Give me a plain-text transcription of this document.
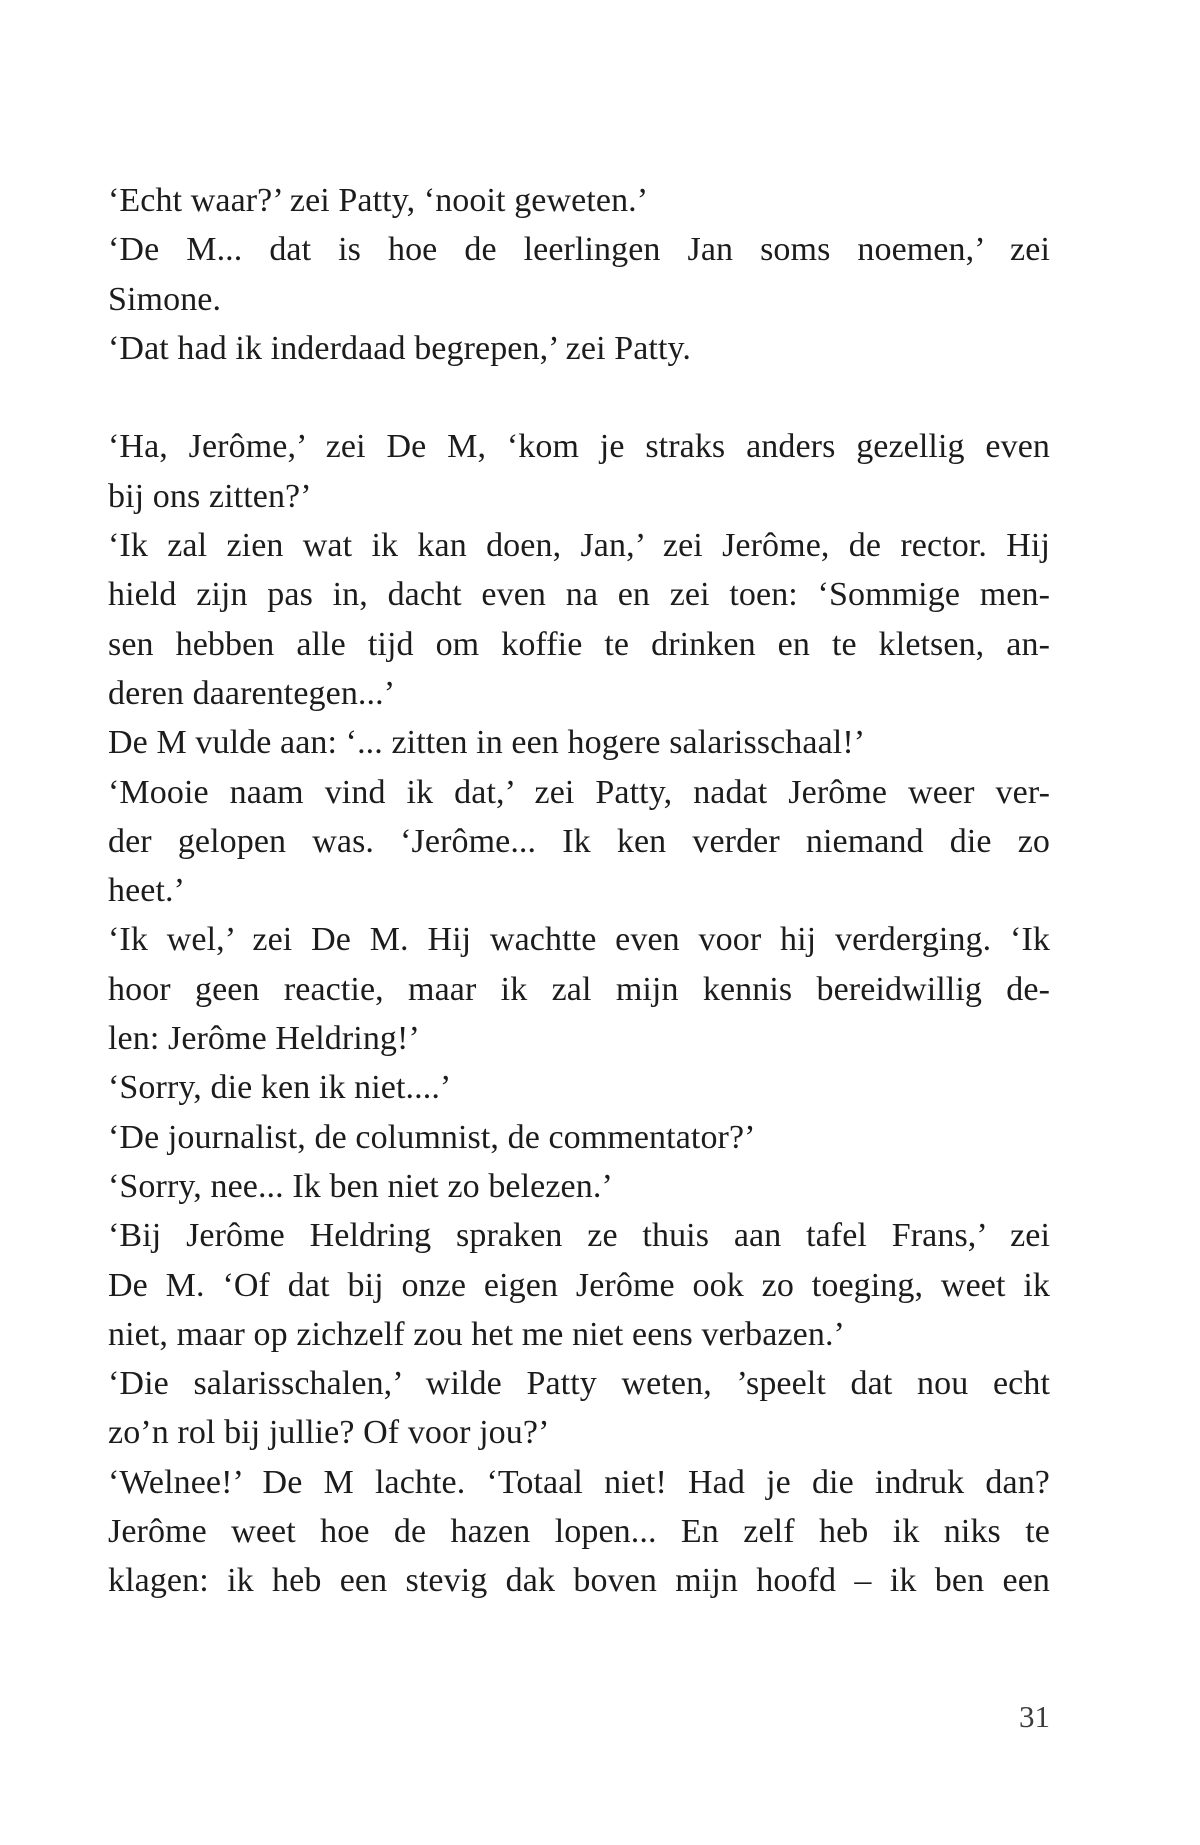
‘Echt waar?’ zei Patty, ‘nooit geweten.’
‘De M... dat is hoe de leerlingen Jan soms noemen,’ zei
Simone.
‘Dat had ik inderdaad begrepen,’ zei Patty.

‘Ha, Jerôme,’ zei De M, ‘kom je straks anders gezellig even
bij ons zitten?’
‘Ik zal zien wat ik kan doen, Jan,’ zei Jerôme, de rector. Hij
hield zijn pas in, dacht even na en zei toen: ‘Sommige men-
sen hebben alle tijd om koffie te drinken en te kletsen, an-
deren daarentegen...’
De M vulde aan: ‘... zitten in een hogere salarisschaal!’
‘Mooie naam vind ik dat,’ zei Patty, nadat Jerôme weer ver-
der gelopen was. ‘Jerôme... Ik ken verder niemand die zo
heet.’
‘Ik wel,’ zei De M. Hij wachtte even voor hij verderging. ‘Ik
hoor geen reactie, maar ik zal mijn kennis bereidwillig de-
len: Jerôme Heldring!’
‘Sorry, die ken ik niet....’
‘De journalist, de columnist, de commentator?’
‘Sorry, nee... Ik ben niet zo belezen.’
‘Bij Jerôme Heldring spraken ze thuis aan tafel Frans,’ zei
De M. ‘Of dat bij onze eigen Jerôme ook zo toeging, weet ik
niet, maar op zichzelf zou het me niet eens verbazen.’
‘Die salarisschalen,’ wilde Patty weten, ’speelt dat nou echt
zo’n rol bij jullie? Of voor jou?’
‘Welnee!’ De M lachte. ‘Totaal niet! Had je die indruk dan?
Jerôme weet hoe de hazen lopen... En zelf heb ik niks te
klagen: ik heb een stevig dak boven mijn hoofd – ik ben een
31
